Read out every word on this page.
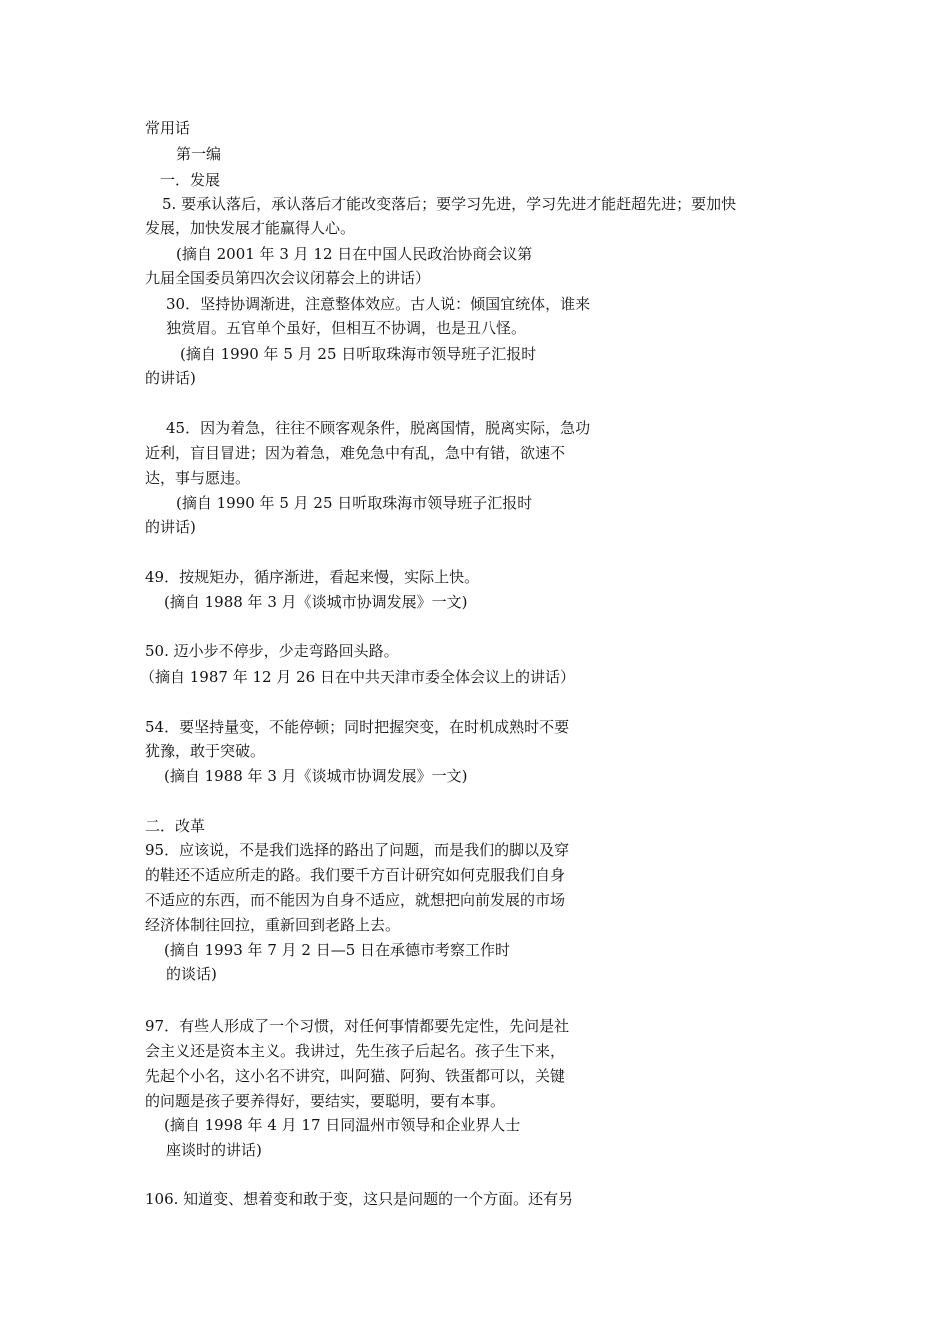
常用话
第一编
一．发展
5. 要承认落后，承认落后才能改变落后；要学习先进，学习先进才能赶超先进；要加快
发展，加快发展才能赢得人心。
(摘自 2001 年 3 月 12 日在中国人民政治协商会议第
九届全国委员第四次会议闭幕会上的讲话）
30．坚持协调渐进，注意整体效应。古人说：倾国宜统体，谁来
独赏眉。五官单个虽好，但相互不协调，也是丑八怪。
(摘自 1990 年 5 月 25 日听取珠海市领导班子汇报时
的讲话)
45．因为着急，往往不顾客观条件，脱离国情，脱离实际，急功
近利，盲目冒进；因为着急，难免急中有乱，急中有错，欲速不
达，事与愿违。
(摘自 1990 年 5 月 25 日听取珠海市领导班子汇报时
的讲话)
49．按规矩办，循序渐进，看起来慢，实际上快。
(摘自 1988 年 3 月《谈城市协调发展》一文)
50. 迈小步不停步，少走弯路回头路。
（摘自 1987 年 12 月 26 日在中共天津市委全体会议上的讲话）
54．要坚持量变，不能停顿；同时把握突变，在时机成熟时不要
犹豫，敢于突破。
(摘自 1988 年 3 月《谈城市协调发展》一文)
二．改革
95．应该说，不是我们选择的路出了问题，而是我们的脚以及穿
的鞋还不适应所走的路。我们要千方百计研究如何克服我们自身
不适应的东西，而不能因为自身不适应，就想把向前发展的市场
经济体制往回拉，重新回到老路上去。
(摘自 1993 年 7 月 2 日—5 日在承德市考察工作时
的谈话)
97．有些人形成了一个习惯，对任何事情都要先定性，先问是社
会主义还是资本主义。我讲过，先生孩子后起名。孩子生下来，
先起个小名，这小名不讲究，叫阿猫、阿狗、铁蛋都可以，关键
的问题是孩子要养得好，要结实，要聪明，要有本事。
(摘自 1998 年 4 月 17 日同温州市领导和企业界人士
座谈时的讲话)
106. 知道变、想着变和敢于变，这只是问题的一个方面。还有另
